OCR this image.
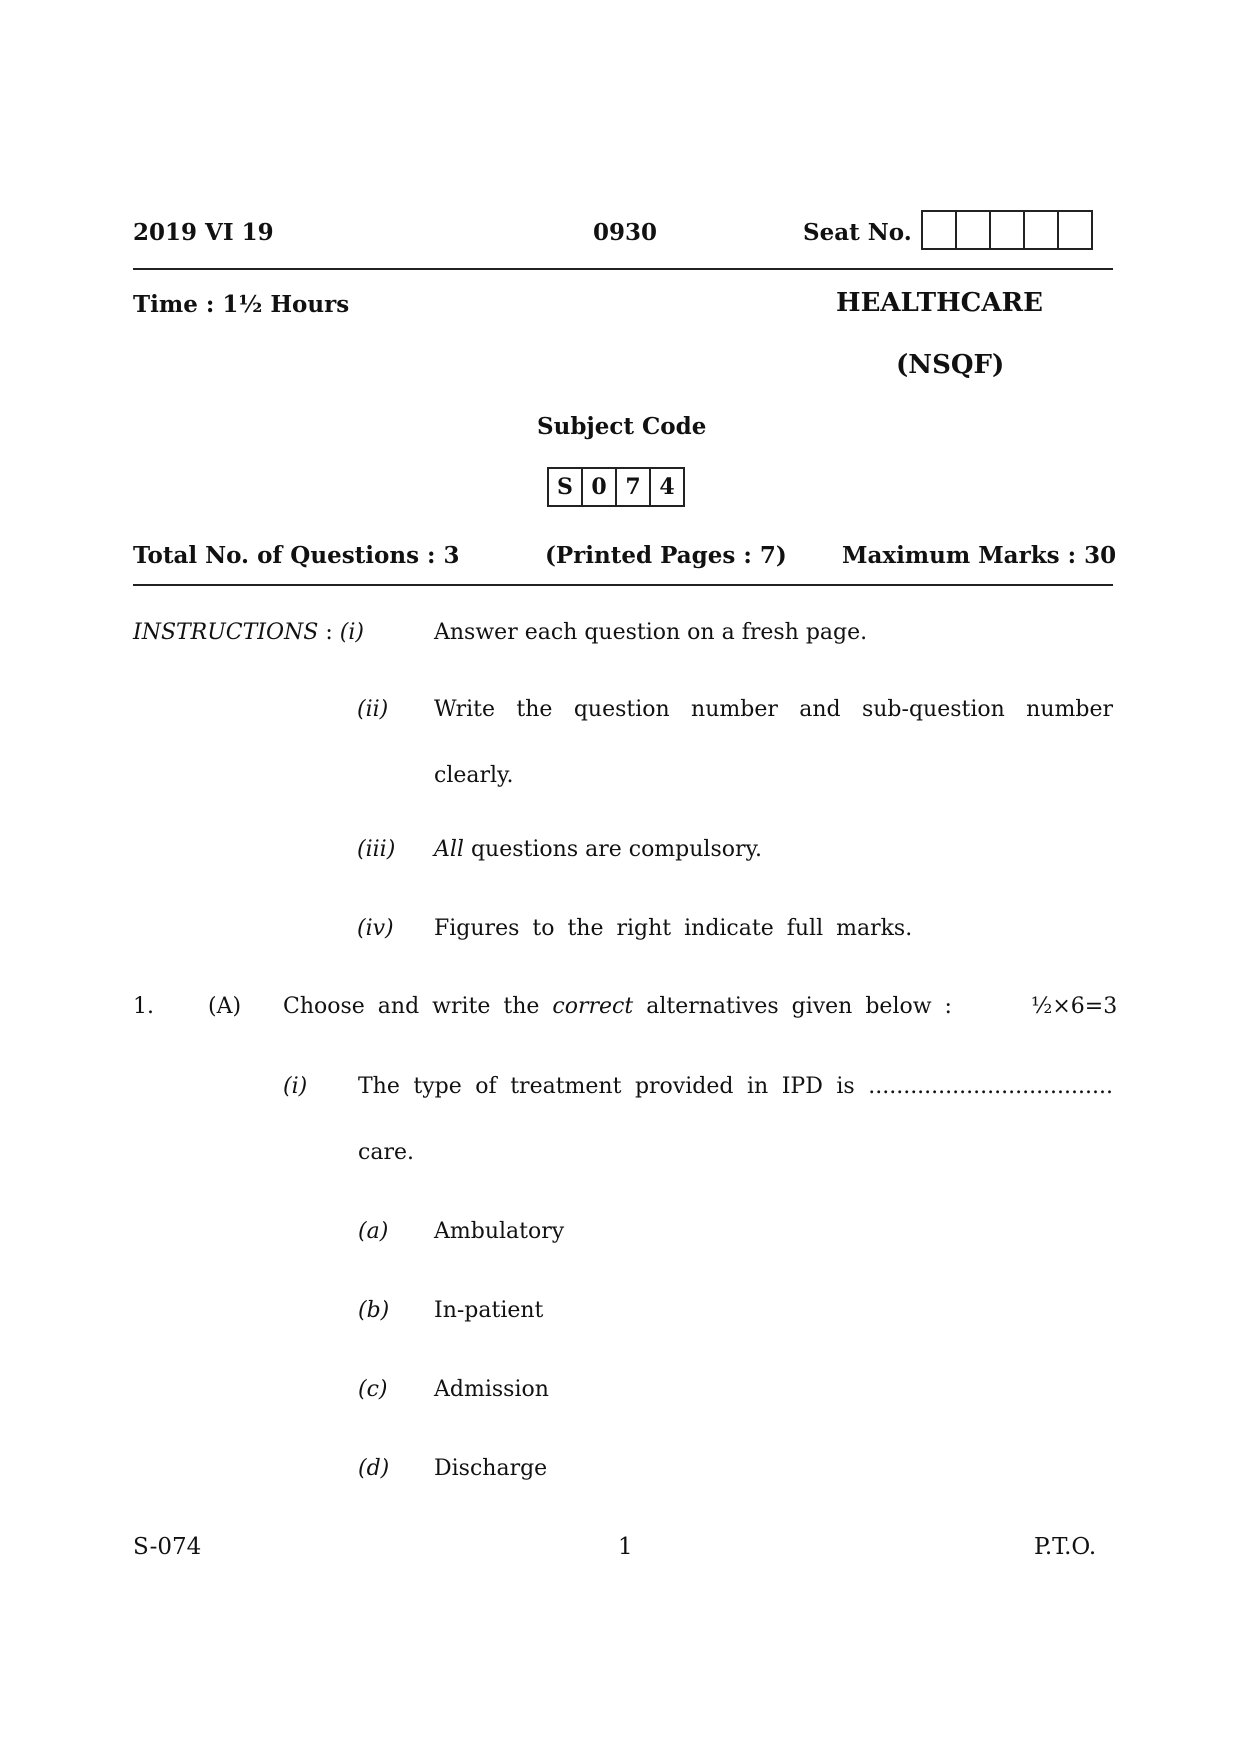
2019 VI 19	0930	Seat No.
Time : 1½ Hours	HEALTHCARE
(NSQF)
Subject Code
S 0 7 4
Total No. of Questions : 3	(Printed Pages : 7) Maximum Marks : 30
INSTRUCTIONS : (i)	Answer each question on a fresh page.
(ii) Write the question number and sub-question number
clearly.
(iii) All questions are compulsory.
(iv) Figures to the right indicate full marks.
1. (A) Choose and write the correct alternatives given below :	½×6=3
(i) The type of treatment provided in IPD is ...................................
care.
(a) Ambulatory
(b) In-patient
(c) Admission
(d) Discharge
S-074	1	P.T.O.
